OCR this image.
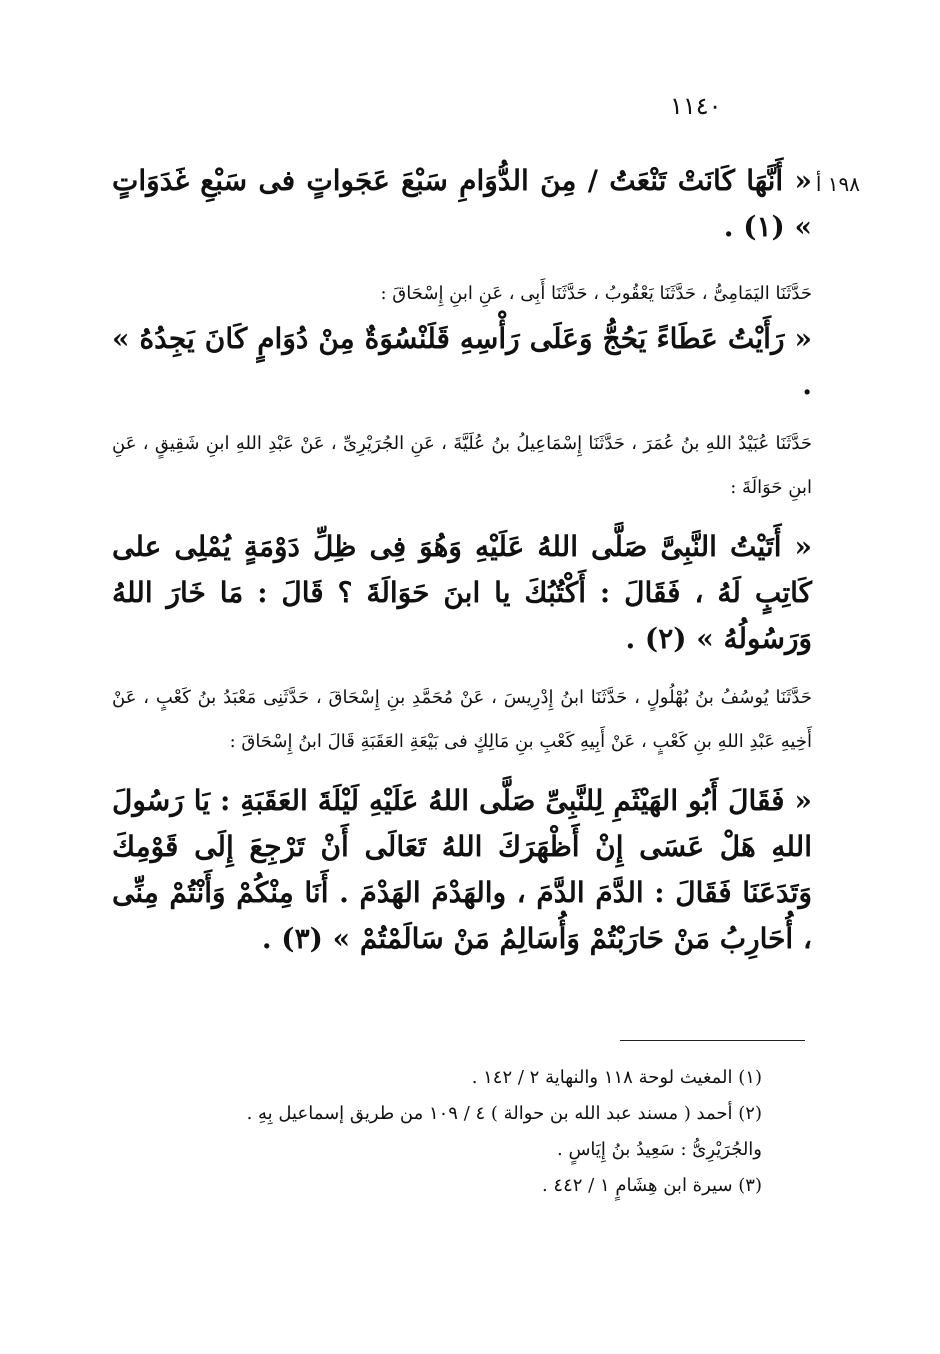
١١٤٠
١٩٨ أ

« أَنَّهَا كَانَتْ تَنْعَتُ / مِنَ الدُّوَامِ سَبْعَ عَجَواتٍ فى سَبْعِ غَدَوَاتٍ » (١) .

حَدَّثَنَا اليَمَامِىُّ ، حَدَّثَنَا يَعْقُوبُ ، حَدَّثَنَا أَبِى ، عَنِ ابنِ إِسْحَاقَ :

« رَأَيْتُ عَطَاءً يَحُجُّ وَعَلَى رَأْسِهِ قَلَنْسُوَةٌ مِنْ دُوَامٍ كَانَ يَجِدُهُ » .

حَدَّثَنَا عُبَيْدُ اللهِ بنُ عُمَرَ ، حَدَّثَنَا إِسْمَاعِيلُ بنُ عُلَيَّةَ ، عَنِ الجُرَيْرِىِّ ، عَنْ عَبْدِ اللهِ ابنِ شَقِيقٍ ، عَنِ ابنِ حَوَالَةَ :

« أَتَيْتُ النَّبِىَّ صَلَّى اللهُ عَلَيْهِ وَهُوَ فِى ظِلِّ دَوْمَةٍ يُمْلِى على كَاتِبٍ لَهُ ، فَقَالَ : أَكْتُبُكَ يا ابنَ حَوَالَةَ ؟ قَالَ : مَا خَارَ اللهُ وَرَسُولُهُ » (٢) .

حَدَّثَنَا يُوسُفُ بنُ بُهْلُولٍ ، حَدَّثَنَا ابنُ إِدْرِيسَ ، عَنْ مُحَمَّدِ بنِ إِسْحَاقَ ، حَدَّثَنِى مَعْبَدُ بنُ كَعْبٍ ، عَنْ أَخِيهِ عَبْدِ اللهِ بنِ كَعْبٍ ، عَنْ أَبِيهِ كَعْبِ بنِ مَالِكٍ فى بَيْعَةِ العَقَبَةِ قَالَ ابنُ إِسْحَاقَ :

« فَقَالَ أَبُو الهَيْثَمِ لِلنَّبِىِّ صَلَّى اللهُ عَلَيْهِ لَيْلَةَ العَقَبَةِ : يَا رَسُولَ اللهِ هَلْ عَسَى إِنْ أَظْهَرَكَ اللهُ تَعَالَى أَنْ تَرْجِعَ إِلَى قَوْمِكَ وَتَدَعَنَا فَقَالَ : الدَّمَ الدَّمَ ، والهَدْمَ الهَدْمَ . أَنَا مِنْكُمْ وَأَنْتُمْ مِنِّى ، أُحَارِبُ مَنْ حَارَبْتُمْ وَأُسَالِمُ مَنْ سَالَمْتُمْ » (٣) .

(١) المغيث لوحة ١١٨ والنهاية ٢ / ١٤٢ .

(٢) أحمد ( مسند عبد الله بن حوالة ) ٤ / ١٠٩ من طريق إسماعيل بِهِ .

والجُرَيْرِىُّ : سَعِيدُ بنُ إِيَاسٍ .

(٣) سيرة ابن هِشَامٍ ١ / ٤٤٢ .
